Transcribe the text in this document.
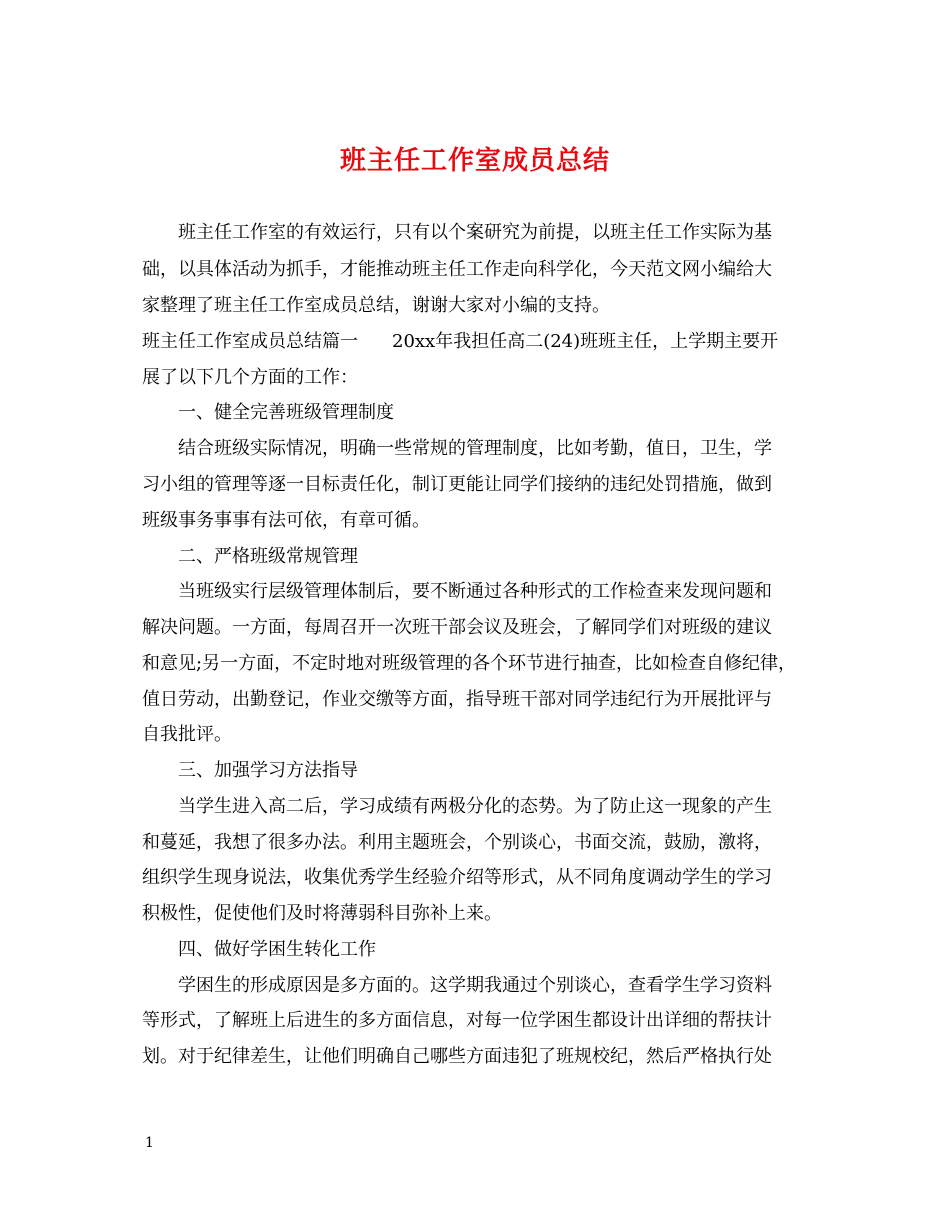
班主任工作室成员总结
班主任工作室的有效运行，只有以个案研究为前提，以班主任工作实际为基
础，以具体活动为抓手，才能推动班主任工作走向科学化，今天范文网小编给大
家整理了班主任工作室成员总结，谢谢大家对小编的支持。
班主任工作室成员总结篇一 20xx年我担任高二(24)班班主任，上学期主要开
展了以下几个方面的工作：
一、健全完善班级管理制度
结合班级实际情况，明确一些常规的管理制度，比如考勤，值日，卫生，学
习小组的管理等逐一目标责任化，制订更能让同学们接纳的违纪处罚措施，做到
班级事务事事有法可依，有章可循。
二、严格班级常规管理
当班级实行层级管理体制后，要不断通过各种形式的工作检查来发现问题和
解决问题。一方面，每周召开一次班干部会议及班会，了解同学们对班级的建议
和意见;另一方面，不定时地对班级管理的各个环节进行抽查，比如检查自修纪律，
值日劳动，出勤登记，作业交缴等方面，指导班干部对同学违纪行为开展批评与
自我批评。
三、加强学习方法指导
当学生进入高二后，学习成绩有两极分化的态势。为了防止这一现象的产生
和蔓延，我想了很多办法。利用主题班会，个别谈心，书面交流，鼓励，激将，
组织学生现身说法，收集优秀学生经验介绍等形式，从不同角度调动学生的学习
积极性，促使他们及时将薄弱科目弥补上来。
四、做好学困生转化工作
学困生的形成原因是多方面的。这学期我通过个别谈心，查看学生学习资料
等形式，了解班上后进生的多方面信息，对每一位学困生都设计出详细的帮扶计
划。对于纪律差生，让他们明确自己哪些方面违犯了班规校纪，然后严格执行处
1
